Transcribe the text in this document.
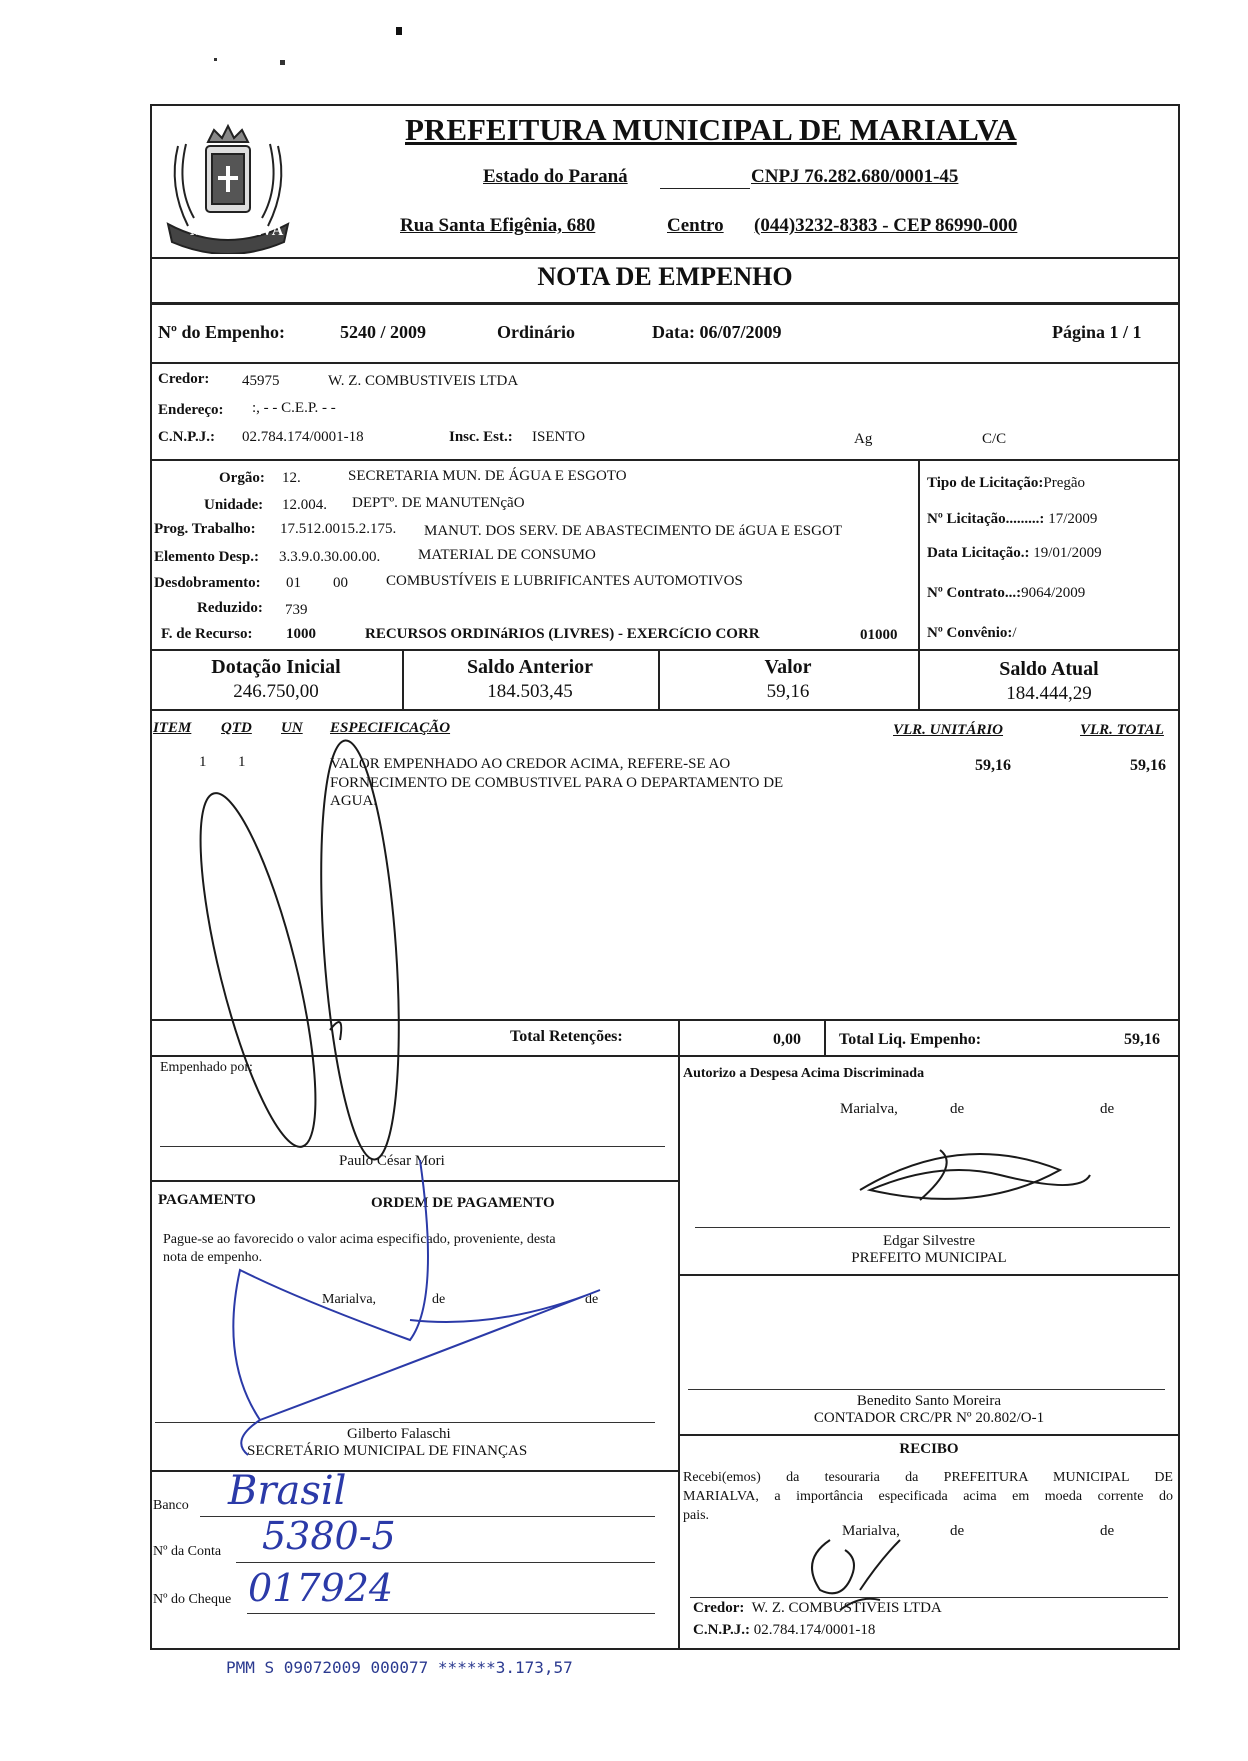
MARIALVA
PREFEITURA MUNICIPAL DE MARIALVA
Estado do Paraná	CNPJ 76.282.680/0001-45
Rua Santa Efigênia, 680	Centro (044)3232-8383 - CEP 86990-000
NOTA DE EMPENHO
Nº do Empenho:	5240 / 2009	Ordinário	Data: 06/07/2009	Página 1 / 1
Credor: 45975	W. Z. COMBUSTIVEIS LTDA
Endereço: :, - - C.E.P. - -
C.N.P.J.: 02.784.174/0001-18	Insc. Est.: ISENTO	Ag	C/C
Orgão: 12.	SECRETARIA MUN. DE ÁGUA E ESGOTO
Unidade: 12.004. DEPTº. DE MANUTENçãO
Prog. Trabalho: 17.512.0015.2.175. MANUT. DOS SERV. DE ABASTECIMENTO DE áGUA E ESGOT
Elemento Desp.: 3.3.9.0.30.00.00.	MATERIAL DE CONSUMO
Desdobramento: 01 00	COMBUSTÍVEIS E LUBRIFICANTES AUTOMOTIVOS
Reduzido: 739
F. de Recurso: 1000	RECURSOS ORDINáRIOS (LIVRES) - EXERCíCIO CORR	01000
Tipo de Licitação:Pregão
Nº Licitação.........: 17/2009
Data Licitação.: 19/01/2009
Nº Contrato...:9064/2009
Nº Convênio:/
Dotação Inicial
246.750,00
Saldo Anterior
184.503,45
Valor
59,16
Saldo Atual
184.444,29
ITEM QTD UN ESPECIFICAÇÃO	VLR. UNITÁRIO	VLR. TOTAL
1 1	VALOR EMPENHADO AO CREDOR ACIMA, REFERE-SE AO
FORNECIMENTO DE COMBUSTIVEL PARA O DEPARTAMENTO DE
AGUA.
59,16	59,16
Total Retenções:	0,00 Total Liq. Empenho:	59,16
Empenhado por:
Paulo César Mori
Autorizo a Despesa Acima Discriminada
Marialva,	de	de
Edgar Silvestre
PREFEITO MUNICIPAL
PAGAMENTO	ORDEM DE PAGAMENTO
Pague-se ao favorecido o valor acima especificado, proveniente, desta
nota de empenho.
Marialva,	de	de
Gilberto Falaschi
SECRETÁRIO MUNICIPAL DE FINANÇAS
Benedito Santo Moreira
CONTADOR CRC/PR Nº 20.802/O-1
Banco Brasil
Nº da Conta 5380-5
Nº do Cheque 017924
RECIBO
Recebi(emos) da tesouraria da PREFEITURA MUNICIPAL DE
MARIALVA, a importância especificada acima em moeda corrente do
pais.
Marialva,	de	de
Credor: W. Z. COMBUSTIVEIS LTDA
C.N.P.J.: 02.784.174/0001-18
PMM S 09072009 000077 ******3.173,57
